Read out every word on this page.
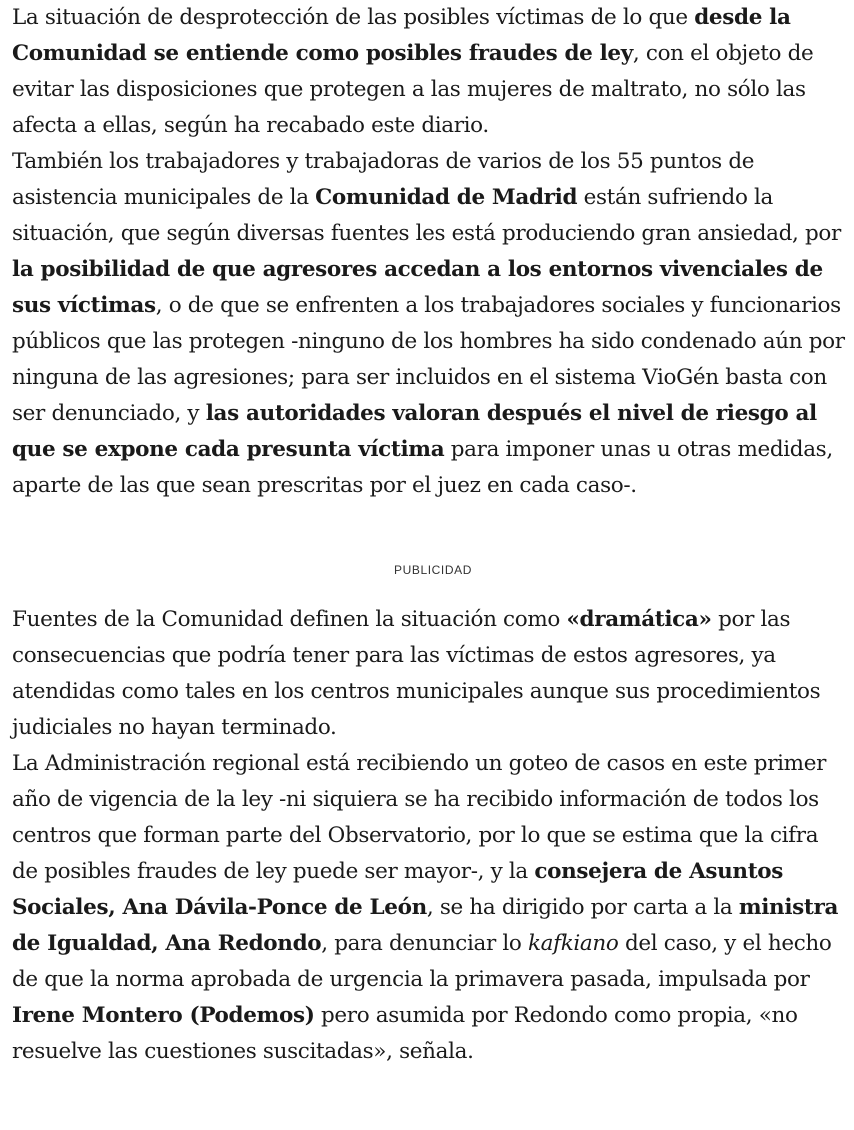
La situación de desprotección de las posibles víctimas de lo que desde la Comunidad se entiende como posibles fraudes de ley, con el objeto de evitar las disposiciones que protegen a las mujeres de maltrato, no sólo las afecta a ellas, según ha recabado este diario.

También los trabajadores y trabajadoras de varios de los 55 puntos de asistencia municipales de la Comunidad de Madrid están sufriendo la situación, que según diversas fuentes les está produciendo gran ansiedad, por la posibilidad de que agresores accedan a los entornos vivenciales de sus víctimas, o de que se enfrenten a los trabajadores sociales y funcionarios públicos que las protegen -ninguno de los hombres ha sido condenado aún por ninguna de las agresiones; para ser incluidos en el sistema VioGén basta con ser denunciado, y las autoridades valoran después el nivel de riesgo al que se expone cada presunta víctima para imponer unas u otras medidas, aparte de las que sean prescritas por el juez en cada caso-.

PUBLICIDAD

Fuentes de la Comunidad definen la situación como «dramática» por las consecuencias que podría tener para las víctimas de estos agresores, ya atendidas como tales en los centros municipales aunque sus procedimientos judiciales no hayan terminado.

La Administración regional está recibiendo un goteo de casos en este primer año de vigencia de la ley -ni siquiera se ha recibido información de todos los centros que forman parte del Observatorio, por lo que se estima que la cifra de posibles fraudes de ley puede ser mayor-, y la consejera de Asuntos Sociales, Ana Dávila-Ponce de León, se ha dirigido por carta a la ministra de Igualdad, Ana Redondo, para denunciar lo kafkiano del caso, y el hecho de que la norma aprobada de urgencia la primavera pasada, impulsada por Irene Montero (Podemos) pero asumida por Redondo como propia, «no resuelve las cuestiones suscitadas», señala.
